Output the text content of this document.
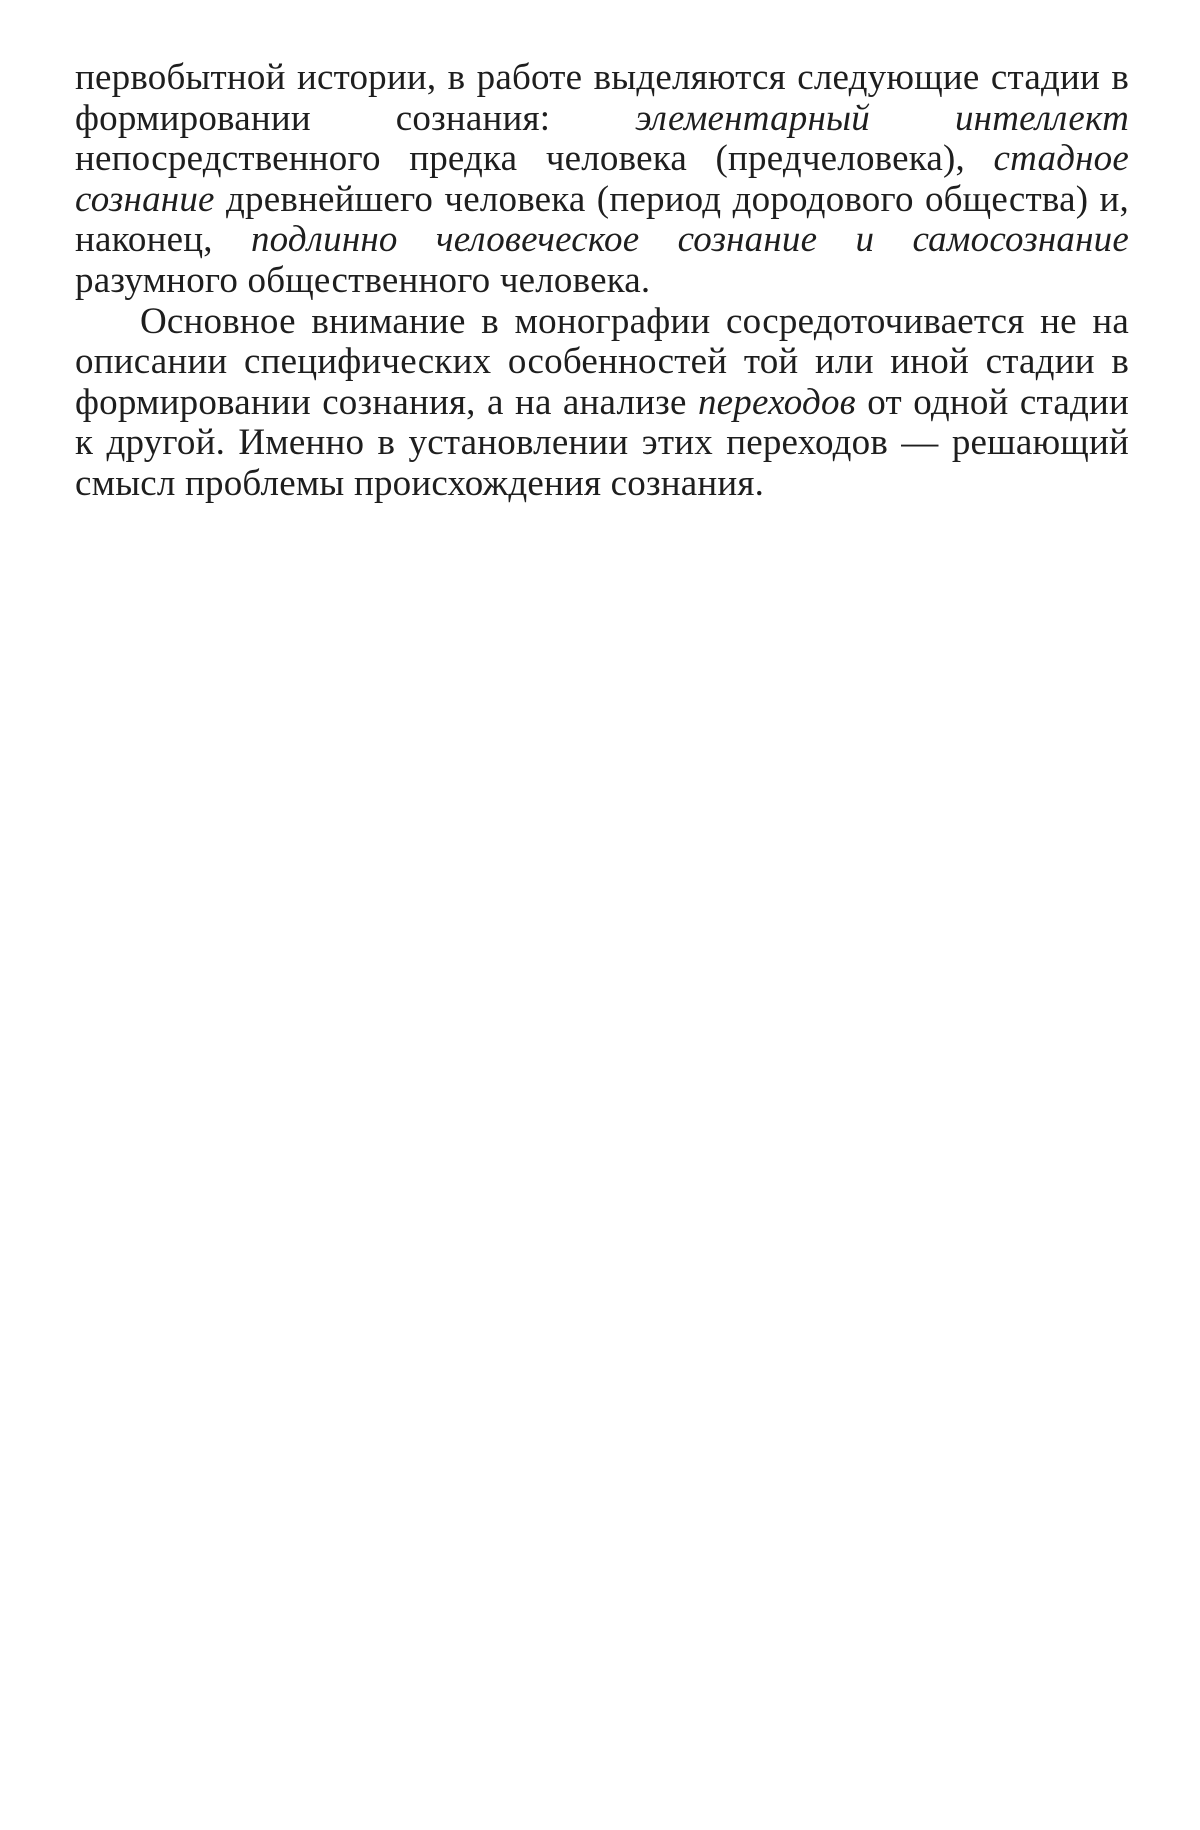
первобытной истории, в работе выделяются следующие стадии в формировании сознания: элементарный интеллект непосредственного предка человека (предчеловека), стадное сознание древнейшего человека (период дородового общества) и, наконец, подлинно человеческое сознание и самосознание разумного общественного человека.

Основное внимание в монографии сосредоточивается не на описании специфических особенностей той или иной стадии в формировании сознания, а на анализе переходов от одной стадии к другой. Именно в установлении этих переходов — решающий смысл проблемы происхождения сознания.
